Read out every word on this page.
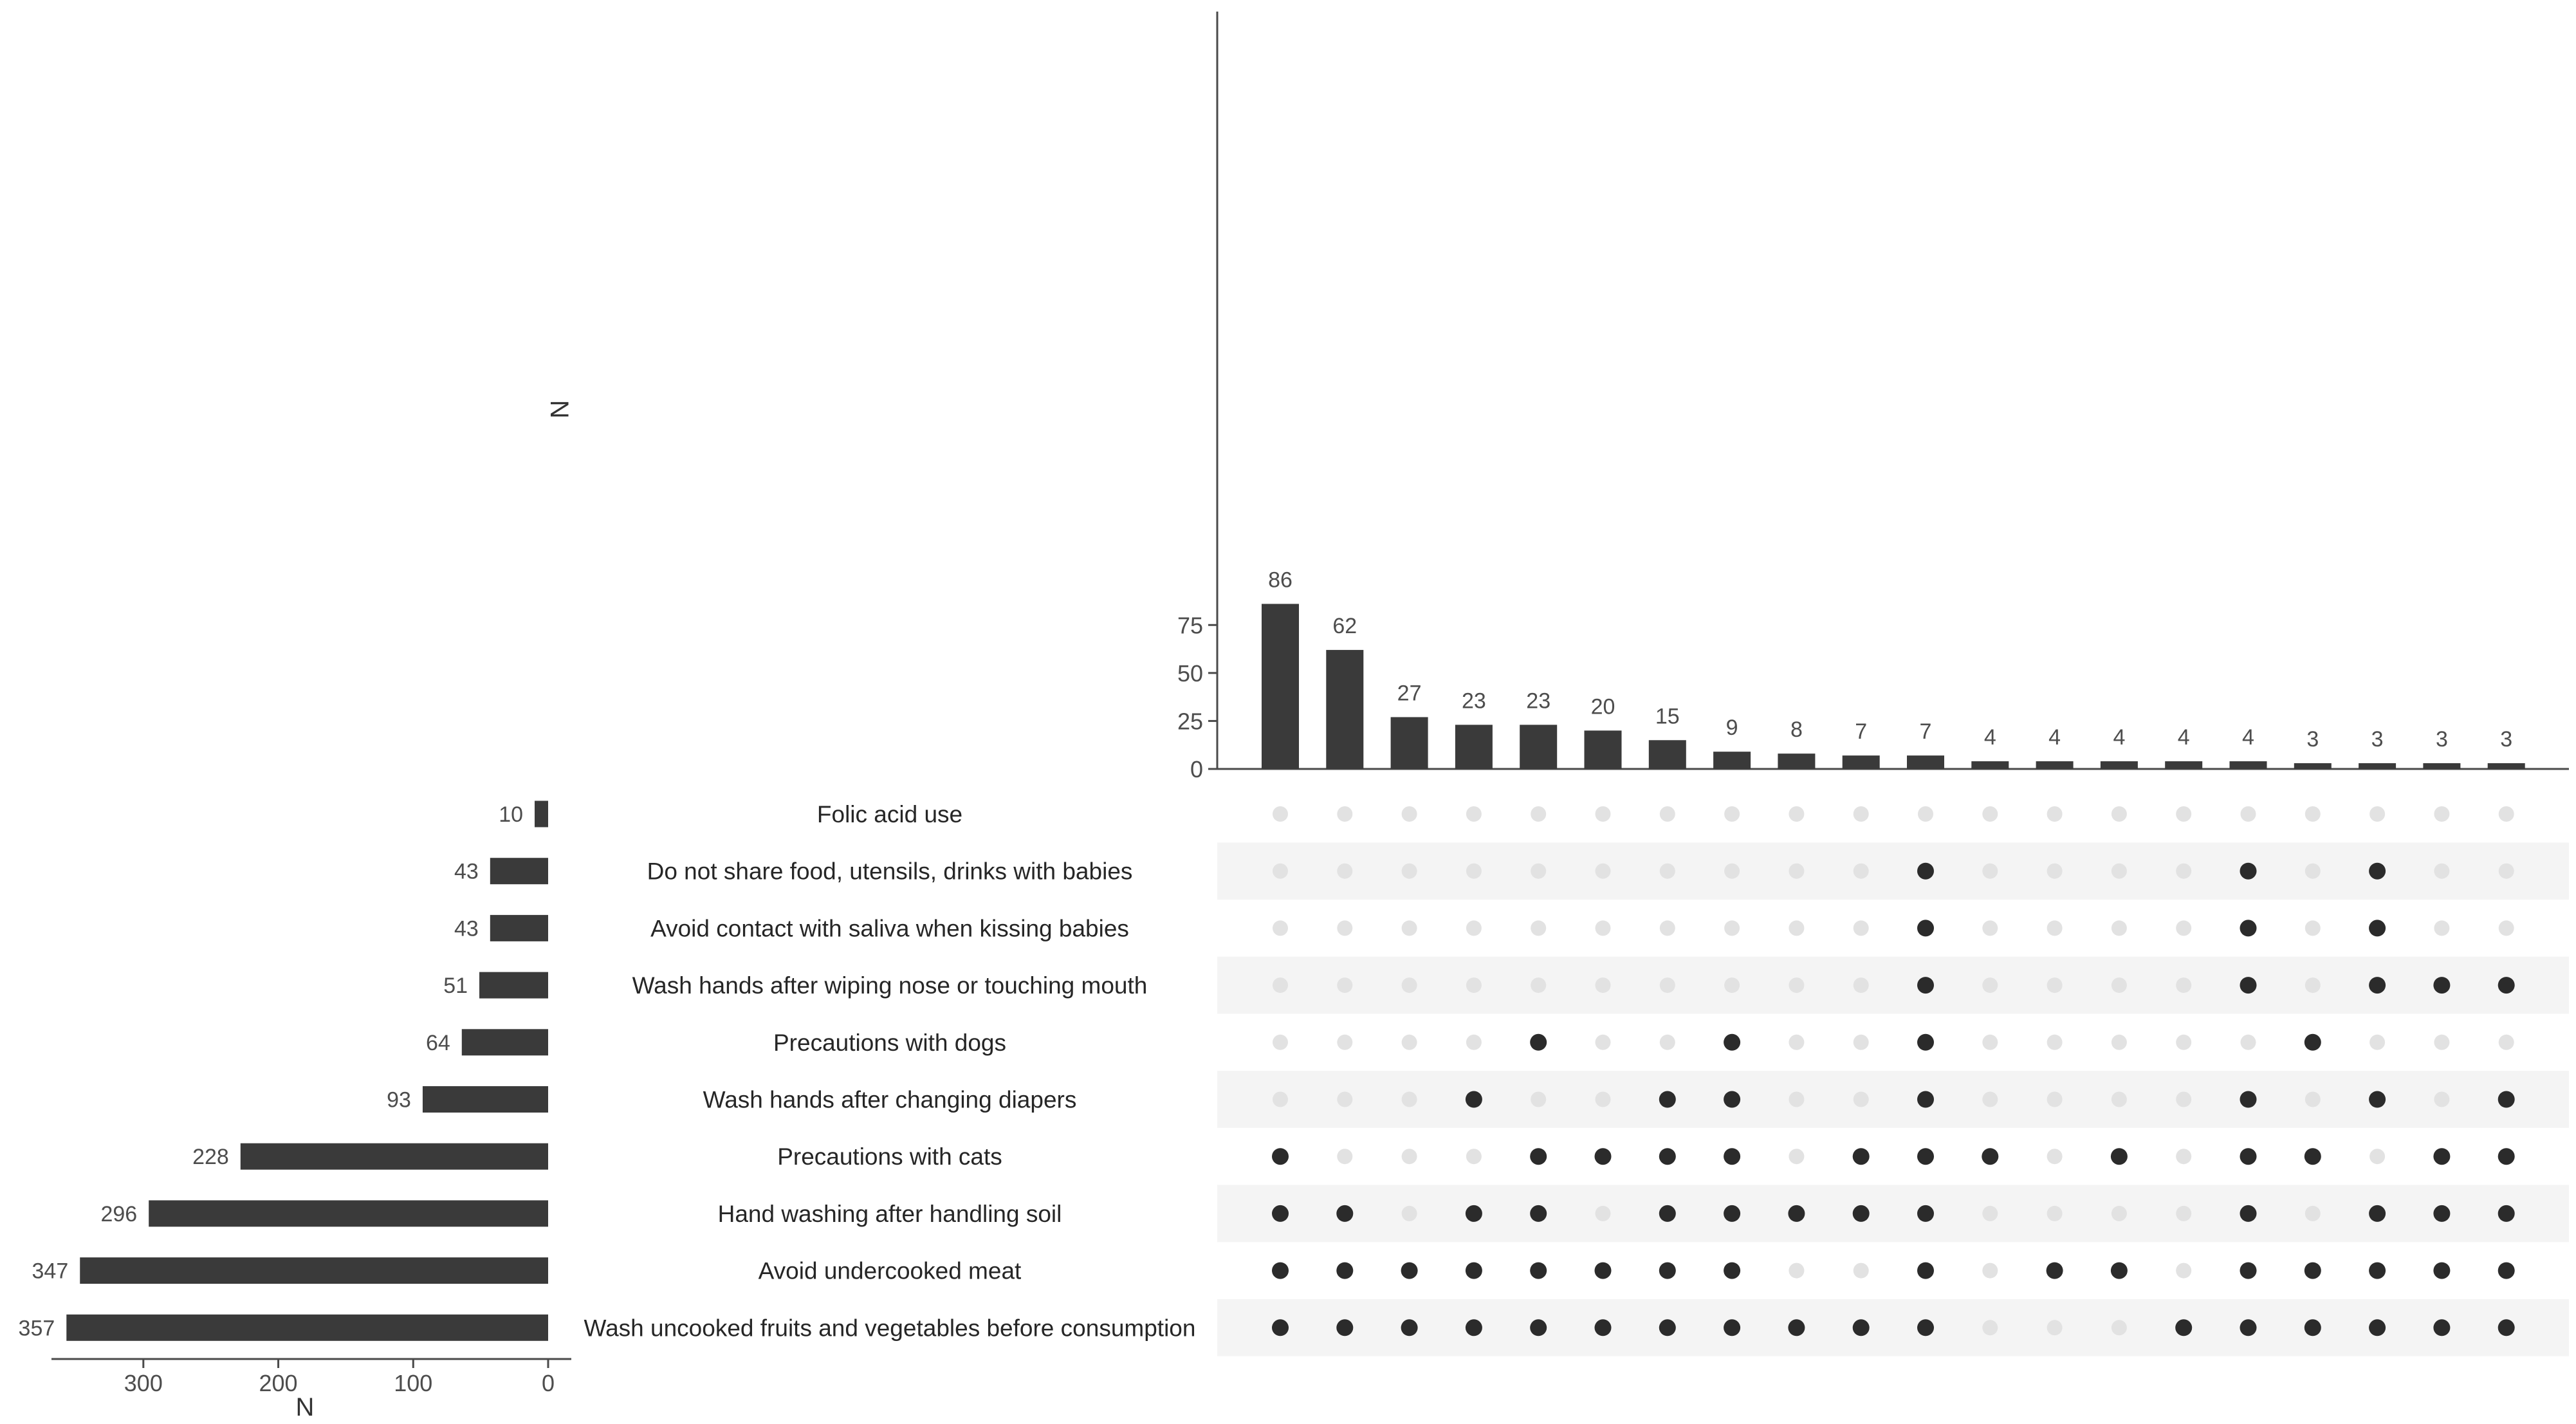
0
25
50
75
N
86
62
27 23 23 20 15 9 8 7 7 4 4 4 4 4 3 3 3 3
Folic acid use
Do not share food, utensils, drinks with babies
Avoid contact with saliva when kissing babies
Wash hands after wiping nose or touching mouth
Precautions with dogs
Wash hands after changing diapers
Precautions with cats
Hand washing after handling soil
Avoid undercooked meat
Wash uncooked fruits and vegetables before consumption
10
43
43
51
64
93
228
296
347
357
300	200	100	0
N
